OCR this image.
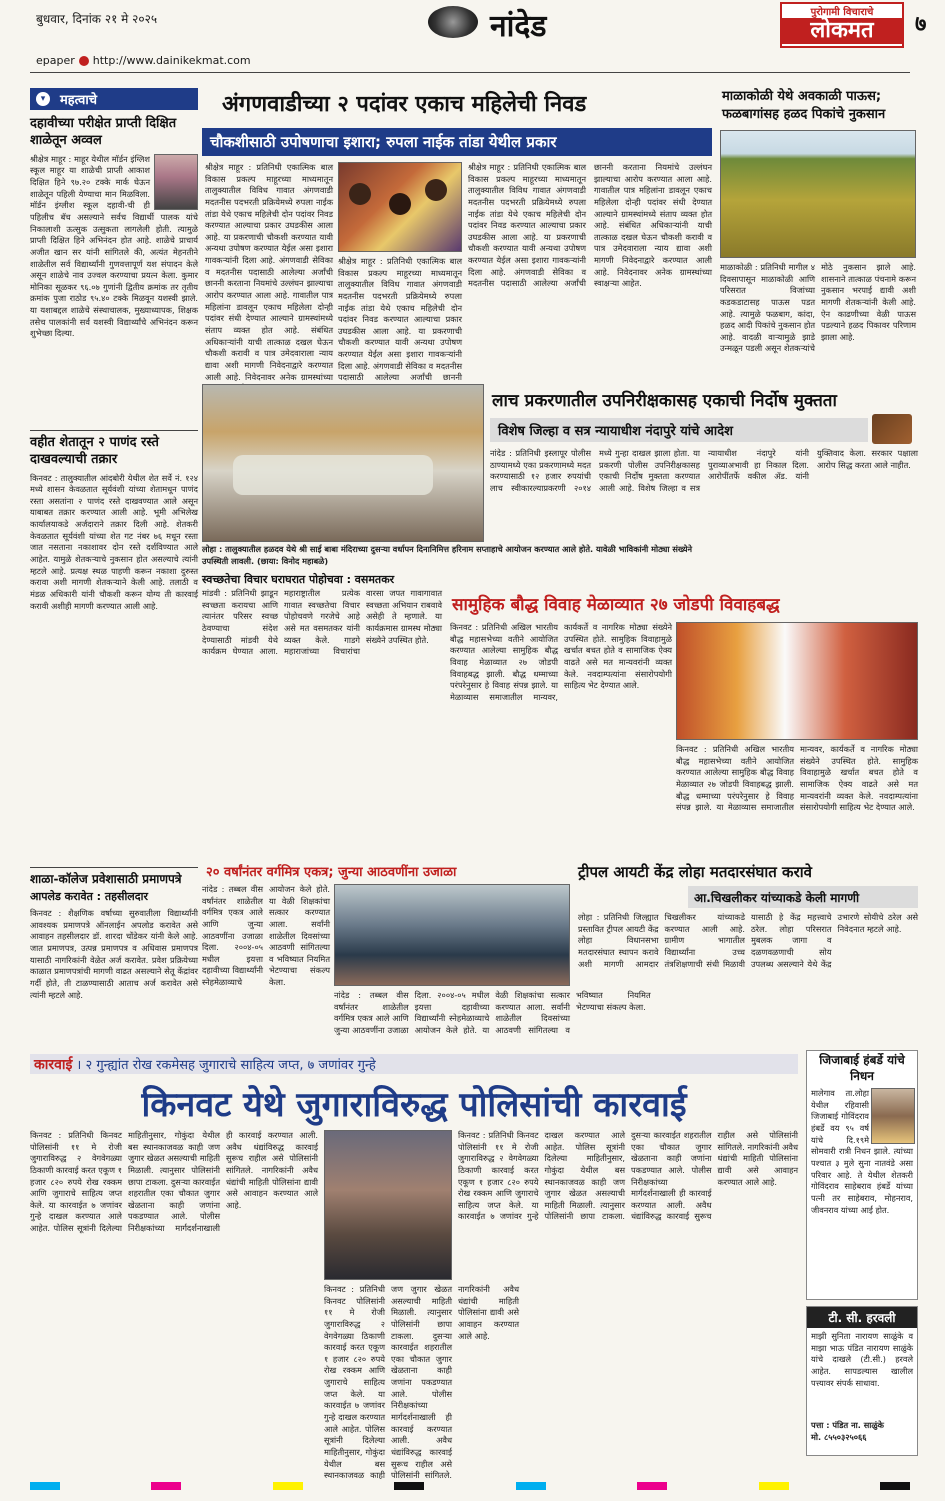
बुधवार, दिनांक २१ मे २०२५	नांदेड	पुरोगामी विचाराचे
लोकमत	७
epaper http://www.dainikekmat.com
▾	महत्वाचे
दहावीच्या परीक्षेत प्राप्ती दिक्षित शाळेतून अव्वल
श्रीक्षेत्र माहूर : माहूर येथील मॉर्डन इंग्लिश स्कूल माहूर या शाळेची प्राप्ती आकाश दिक्षित हिने ९७.२० टक्के मार्क घेऊन शाळेतून पहिली येण्याचा मान मिळविला. मॉर्डन इंग्लीश स्कूल दहावी-ची ही पहिलीच बॅच असल्याने सर्वच विद्यार्थी पालक यांचे निकालाशी ऊत्सुक उत्सुकता लागलेली होती. त्यामुळे प्राप्ती दिक्षित हिने अभिनंदन होत आहे. शाळेचे प्राचार्य अजीत खान सर यांनी सांगितले की, अत्यंत मेहनतीने शाळेतील सर्व विद्यार्थ्यांनी गुणवत्तापूर्ण यश संपादन केले असून शाळेचे नाव उज्वल करण्याचा प्रयत्न केला. कुमार मोनिका सूळकर ९६.०७ गुणांनी द्वितीय क्रमांक तर तृतीय क्रमांक पुजा राठोड ९५.४० टक्के मिळवून यशस्वी झाले. या यशाबद्दल शाळेचे संस्थाचालक, मुख्याध्यापक, शिक्षक तसेच पालकांनी सर्व यशस्वी विद्यार्थ्यांचे अभिनंदन करून शुभेच्छा दिल्या.
वहीत शेतातून २ पाणंद रस्ते दाखवल्याची तक्रार
किनवट : तालुक्यातील आंदबोरी येथील शेत सर्वे नं. १२४ मध्ये शासन केवळतात सूर्यवंशी यांच्या शेतामधून पाणंद रस्ता असतांना २ पाणंद रस्ते दाखवण्यात आले असून याबाबत तक्रार करण्यात आली आहे. भूमी अभिलेख कार्यालयाकडे अर्जदाराने तक्रार दिली आहे. शेतकरी केवळतात सूर्यवंशी यांच्या शेत गट नंबर ७६ मधून रस्ता जात नसताना नकाशावर दोन रस्ते दर्शविण्यात आले आहेत. यामुळे शेतकऱ्याचे नुकसान होत असल्याचे त्यांनी म्हटले आहे. प्रत्यक्ष स्थळ पाहणी करून नकाशा दुरुस्त करावा अशी मागणी शेतकऱ्याने केली आहे. तलाठी व मंडळ अधिकारी यांनी चौकशी करून योग्य ती कारवाई करावी अशीही मागणी करण्यात आली आहे.
शाळा-कॉलेज प्रवेशासाठी प्रमाणपत्रे
आपलेड करावेत : तहसीलदार
किनवट : शैक्षणिक वर्षाच्या सुरुवातीला विद्यार्थ्यांनी आवश्यक प्रमाणपत्रे ऑनलाईन अपलोड करावेत असे आवाहन तहसीलदार डॉ. शारदा चोंडेकर यांनी केले आहे. जात प्रमाणपत्र, उत्पन्न प्रमाणपत्र व अधिवास प्रमाणपत्र यासाठी नागरिकांनी वेळेत अर्ज करावेत. प्रवेश प्रक्रियेच्या काळात प्रमाणपत्रांची मागणी वाढत असल्याने सेतू केंद्रांवर गर्दी होते, ती टाळण्यासाठी आताच अर्ज करावेत असे त्यांनी म्हटले आहे.
अंगणवाडीच्या २ पदांवर एकाच महिलेची निवड
चौकशीसाठी उपोषणाचा इशारा; रुपला नाईक तांडा येथील प्रकार
श्रीक्षेत्र माहूर : प्रतिनिधी एकात्मिक बाल विकास प्रकल्प माहूरच्या माध्यमातून तालुक्यातील विविध गावात अंगणवाडी मदतनीस पदभरती प्रक्रियेमध्ये रुपला नाईक तांडा येथे एकाच महिलेची दोन पदांवर निवड करण्यात आल्याचा प्रकार उघडकीस आला आहे. या प्रकरणाची चौकशी करण्यात यावी अन्यथा उपोषण करण्यात येईल असा इशारा गावकऱ्यांनी दिला आहे. अंगणवाडी सेविका व मदतनीस पदासाठी आलेल्या अर्जांची छाननी करताना नियमांचे उल्लंघन झाल्याचा आरोप करण्यात आला आहे. गावातील पात्र महिलांना डावलून एकाच महिलेला दोन्ही पदांवर संधी देण्यात आल्याने ग्रामस्थांमध्ये संताप व्यक्त होत आहे. संबंधित अधिकाऱ्यांनी याची तात्काळ दखल घेऊन चौकशी करावी व पात्र उमेदवाराला न्याय द्यावा अशी मागणी निवेदनाद्वारे करण्यात आली आहे. निवेदनावर अनेक ग्रामस्थांच्या
श्रीक्षेत्र माहूर : प्रतिनिधी एकात्मिक बाल विकास प्रकल्प माहूरच्या माध्यमातून तालुक्यातील विविध गावात अंगणवाडी मदतनीस पदभरती प्रक्रियेमध्ये रुपला नाईक तांडा येथे एकाच महिलेची दोन पदांवर निवड करण्यात आल्याचा प्रकार उघडकीस आला आहे. या प्रकरणाची चौकशी करण्यात यावी अन्यथा उपोषण करण्यात येईल असा इशारा गावकऱ्यांनी दिला आहे. अंगणवाडी सेविका व मदतनीस पदासाठी आलेल्या अर्जांची छाननी
श्रीक्षेत्र माहूर : प्रतिनिधी एकात्मिक बाल विकास प्रकल्प माहूरच्या माध्यमातून तालुक्यातील विविध गावात अंगणवाडी मदतनीस पदभरती प्रक्रियेमध्ये रुपला नाईक तांडा येथे एकाच महिलेची दोन पदांवर निवड करण्यात आल्याचा प्रकार उघडकीस आला आहे. या प्रकरणाची चौकशी करण्यात यावी अन्यथा उपोषण करण्यात येईल असा इशारा गावकऱ्यांनी दिला आहे. अंगणवाडी सेविका व मदतनीस पदासाठी आलेल्या अर्जांची छाननी करताना नियमांचे उल्लंघन झाल्याचा आरोप करण्यात आला आहे. गावातील पात्र महिलांना डावलून एकाच महिलेला दोन्ही पदांवर संधी देण्यात आल्याने ग्रामस्थांमध्ये संताप व्यक्त होत आहे. संबंधित अधिकाऱ्यांनी याची तात्काळ दखल घेऊन चौकशी करावी व पात्र उमेदवाराला न्याय द्यावा अशी मागणी निवेदनाद्वारे करण्यात आली आहे. निवेदनावर अनेक ग्रामस्थांच्या स्वाक्षऱ्या आहेत.
माळाकोळी येथे अवकाळी पाऊस; फळबागांसह हळद पिकांचे नुकसान
माळाकोळी : प्रतिनिधी मागील ४ दिवसापासून माळाकोळी आणि परिसरात विजांच्या कडकडाटासह पाऊस पडत आहे. त्यामुळे फळबाग, कांदा, हळद आदी पिकांचे नुकसान होत आहे. वादळी वाऱ्यामुळे झाडे उन्मळून पडली असून शेतकऱ्यांचे मोठे नुकसान झाले आहे. शासनाने तात्काळ पंचनामे करून नुकसान भरपाई द्यावी अशी मागणी शेतकऱ्यांनी केली आहे. ऐन काढणीच्या वेळी पाऊस पडल्याने हळद पिकावर परिणाम झाला आहे.
लोहा : तालुक्यातील हळदव येथे श्री साई बाबा मंदिराच्या दुसऱ्या वर्धापन दिनानिमित्त हरिनाम सप्ताहाचे आयोजन करण्यात आले होते. यावेळी भाविकांनी मोठ्या संख्येने उपस्थिती लावली. (छाया: विनोद महाबळे)
लाच प्रकरणातील उपनिरीक्षकासह एकाची निर्दोष मुक्तता
विशेष जिल्हा व सत्र न्यायाधीश नंदापुरे यांचे आदेश
नांदेड : प्रतिनिधी इस्लापूर पोलीस ठाण्यामध्ये एका प्रकरणामध्ये मदत करण्यासाठी १२ हजार रुपयांची लाच स्वीकारल्याप्रकरणी २०१४ मध्ये गुन्हा दाखल झाला होता. या प्रकरणी पोलीस उपनिरीक्षकासह एकाची निर्दोष मुक्तता करण्यात आली आहे. विशेष जिल्हा व सत्र न्यायाधीश नंदापुरे यांनी पुराव्याअभावी हा निकाल दिला. आरोपींतर्फे वकील ॲड. यांनी युक्तिवाद केला. सरकार पक्षाला आरोप सिद्ध करता आले नाहीत.
स्वच्छतेचा विचार घराघरात पोहोचवा : वसमतकर
मांडवी : प्रतिनिधी झाडून स्वच्छता करायचा आणि त्यानंतर परिसर स्वच्छ ठेवण्याचा संदेश देण्यासाठी मांडवी येथे कार्यक्रम घेण्यात आला. महाराष्ट्रातील प्रत्येक गावात स्वच्छतेचा विचार पोहोचवणे गरजेचे आहे असे मत वसमतकर यांनी व्यक्त केले. गाडगे महाराजांच्या विचारांचा वारसा जपत गावागावात स्वच्छता अभियान राबवावे असेही ते म्हणाले. या कार्यक्रमास ग्रामस्थ मोठ्या संख्येने उपस्थित होते.
सामुहिक बौद्ध विवाह मेळाव्यात २७ जोडपी विवाहबद्ध
किनवट : प्रतिनिधी अखिल भारतीय बौद्ध महासभेच्या वतीने आयोजित करण्यात आलेल्या सामुहिक बौद्ध विवाह मेळाव्यात २७ जोडपी विवाहबद्ध झाली. बौद्ध धम्माच्या परंपरेनुसार हे विवाह संपन्न झाले. या मेळाव्यास समाजातील मान्यवर, कार्यकर्ते व नागरिक मोठ्या संख्येने उपस्थित होते. सामुहिक विवाहामुळे खर्चात बचत होते व सामाजिक ऐक्य वाढते असे मत मान्यवरांनी व्यक्त केले. नवदाम्पत्यांना संसारोपयोगी साहित्य भेट देण्यात आले.
किनवट : प्रतिनिधी अखिल भारतीय बौद्ध महासभेच्या वतीने आयोजित करण्यात आलेल्या सामुहिक बौद्ध विवाह मेळाव्यात २७ जोडपी विवाहबद्ध झाली. बौद्ध धम्माच्या परंपरेनुसार हे विवाह संपन्न झाले. या मेळाव्यास समाजातील मान्यवर, कार्यकर्ते व नागरिक मोठ्या संख्येने उपस्थित होते. सामुहिक विवाहामुळे खर्चात बचत होते व सामाजिक ऐक्य वाढते असे मत मान्यवरांनी व्यक्त केले. नवदाम्पत्यांना संसारोपयोगी साहित्य भेट देण्यात आले.
२० वर्षांनंतर वर्गमित्र एकत्र; जुन्या आठवणींना उजाळा
नांदेड : तब्बल वीस वर्षांनंतर शाळेतील वर्गमित्र एकत्र आले आणि जुन्या आठवणींना उजाळा दिला. २००४-०५ मधील इयत्ता दहावीच्या विद्यार्थ्यांनी स्नेहमेळाव्याचे आयोजन केले होते. या वेळी शिक्षकांचा सत्कार करण्यात आला. सर्वांनी शाळेतील दिवसांच्या आठवणी सांगितल्या व भविष्यात नियमित भेटण्याचा संकल्प केला.
नांदेड : तब्बल वीस वर्षांनंतर शाळेतील वर्गमित्र एकत्र आले आणि जुन्या आठवणींना उजाळा दिला. २००४-०५ मधील इयत्ता दहावीच्या विद्यार्थ्यांनी स्नेहमेळाव्याचे आयोजन केले होते. या वेळी शिक्षकांचा सत्कार करण्यात आला. सर्वांनी शाळेतील दिवसांच्या आठवणी सांगितल्या व भविष्यात नियमित भेटण्याचा संकल्प केला.
ट्रीपल आयटी केंद्र लोहा मतदारसंघात करावे
आ.चिखलीकर यांच्याकडे केली मागणी
लोहा : प्रतिनिधी जिल्ह्यात प्रस्तावित ट्रीपल आयटी केंद्र लोहा विधानसभा मतदारसंघात स्थापन करावे अशी मागणी आमदार चिखलीकर यांच्याकडे करण्यात आली आहे. ग्रामीण भागातील विद्यार्थ्यांना उच्च तंत्रशिक्षणाची संधी मिळावी यासाठी हे केंद्र महत्त्वाचे ठरेल. लोहा परिसरात मुबलक जागा व दळणवळणाची सोय उपलब्ध असल्याने येथे केंद्र उभारणे सोयीचे ठरेल असे निवेदनात म्हटले आहे.
कारवाई । २ गुन्ह्यांत रोख रकमेसह जुगाराचे साहित्य जप्त, ७ जणांवर गुन्हे
किनवट येथे जुगाराविरुद्ध पोलिसांची कारवाई
किनवट : प्रतिनिधी किनवट पोलिसांनी ११ मे रोजी जुगाराविरुद्ध २ वेगवेगळ्या ठिकाणी कारवाई करत एकूण १ हजार ८२० रुपये रोख रक्कम आणि जुगाराचे साहित्य जप्त केले. या कारवाईत ७ जणांवर गुन्हे दाखल करण्यात आले आहेत. पोलिस सूत्रांनी दिलेल्या माहितीनुसार, गोकुंदा येथील बस स्थानकाजवळ काही जण जुगार खेळत असल्याची माहिती मिळाली. त्यानुसार पोलिसांनी छापा टाकला. दुसऱ्या कारवाईत शहरातील एका चौकात जुगार खेळताना काही जणांना पकडण्यात आले. पोलीस निरीक्षकांच्या मार्गदर्शनाखाली ही कारवाई करण्यात आली. अवैध धंद्यांविरुद्ध कारवाई सुरूच राहील असे पोलिसांनी सांगितले. नागरिकांनी अवैध धंद्यांची माहिती पोलिसांना द्यावी असे आवाहन करण्यात आले आहे.
किनवट : प्रतिनिधी किनवट पोलिसांनी ११ मे रोजी जुगाराविरुद्ध २ वेगवेगळ्या ठिकाणी कारवाई करत एकूण १ हजार ८२० रुपये रोख रक्कम आणि जुगाराचे साहित्य जप्त केले. या कारवाईत ७ जणांवर गुन्हे दाखल करण्यात आले आहेत. पोलिस सूत्रांनी दिलेल्या माहितीनुसार, गोकुंदा येथील बस स्थानकाजवळ काही जण जुगार खेळत असल्याची माहिती मिळाली. त्यानुसार पोलिसांनी छापा टाकला. दुसऱ्या कारवाईत शहरातील एका चौकात जुगार खेळताना काही जणांना पकडण्यात आले. पोलीस निरीक्षकांच्या मार्गदर्शनाखाली ही कारवाई करण्यात आली. अवैध धंद्यांविरुद्ध कारवाई सुरूच राहील असे पोलिसांनी सांगितले. नागरिकांनी अवैध धंद्यांची माहिती पोलिसांना द्यावी असे आवाहन करण्यात आले आहे.
किनवट : प्रतिनिधी किनवट पोलिसांनी ११ मे रोजी जुगाराविरुद्ध २ वेगवेगळ्या ठिकाणी कारवाई करत एकूण १ हजार ८२० रुपये रोख रक्कम आणि जुगाराचे साहित्य जप्त केले. या कारवाईत ७ जणांवर गुन्हे दाखल करण्यात आले आहेत. पोलिस सूत्रांनी दिलेल्या माहितीनुसार, गोकुंदा येथील बस स्थानकाजवळ काही जण जुगार खेळत असल्याची माहिती मिळाली. त्यानुसार पोलिसांनी छापा टाकला. दुसऱ्या कारवाईत शहरातील एका चौकात जुगार खेळताना काही जणांना पकडण्यात आले. पोलीस निरीक्षकांच्या मार्गदर्शनाखाली ही कारवाई करण्यात आली. अवैध धंद्यांविरुद्ध कारवाई सुरूच राहील असे पोलिसांनी सांगितले. नागरिकांनी अवैध धंद्यांची माहिती पोलिसांना द्यावी असे आवाहन करण्यात आले आहे.
जिजाबाई हंबर्डे यांचे निधन
मालेगाव ता.लोहा येथील रहिवासी जिजाबाई गोविंदराव हंबर्डे वय ९५ वर्ष यांचे दि.१९मे सोमवारी रात्री निधन झाले. त्यांच्या पश्चात ३ मुले सुना नातवंडे असा परिवार आहे. ते येथील शेतकरी गोविंदराव साहेबराव हंबर्डे यांच्या पत्नी तर साहेबराव, मोहनराव, जीवनराव यांच्या आई होत.
टी. सी. हरवली
माझी सुनिता नारायण साळुंके व माझा भाऊ पंडित नारायण साळुंके यांचे दाखले (टी.सी.) हरवले आहेत. सापडल्यास खालील पत्त्यावर संपर्क साधावा.
पत्ता : पंडित ना. साळुंके
मो. ८५५०३२५०६६
